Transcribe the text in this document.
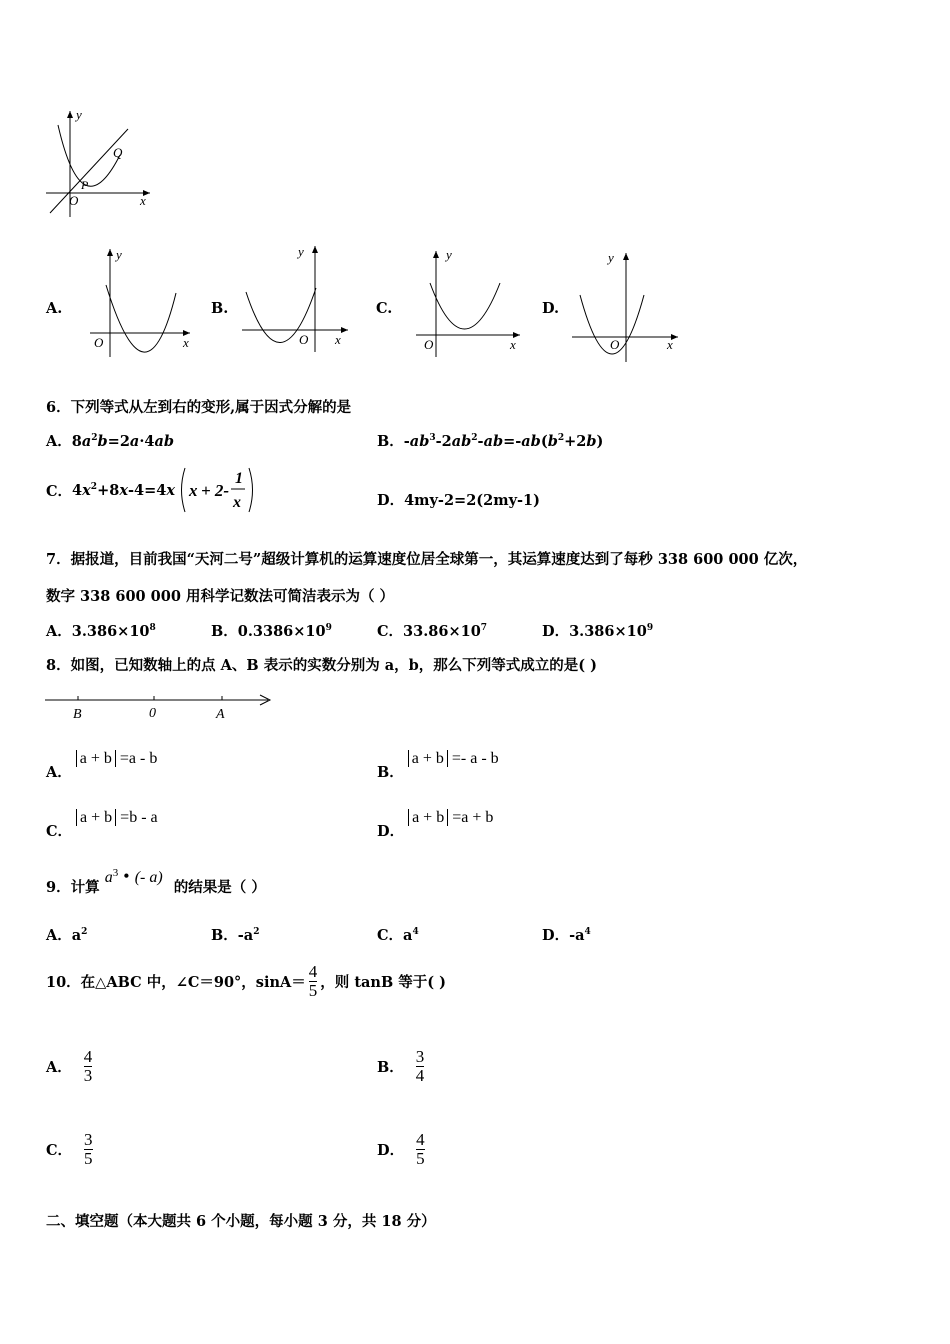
y
x
O
P
Q
A.
y
x
O
B.
y
x
O
C.
y
x
O
D.
y
x
O
6．下列等式从左到右的变形,属于因式分解的是
A．$8a^2b=2a\cdot 4ab$	B．$-ab^3-2ab^2-ab=-ab(b^2+2b)$
C． $4x^2+8x-4=4x$ x + 2-
1
x	D．4my-2=2(2my-1)
7．据报道，目前我国“天河二号”超级计算机的运算速度位居全球第一，其运算速度达到了每秒 338 600 000 亿次，
数字 338 600 000 用科学记数法可简洁表示为（ ）
A．$3.386\times 10^8$	B．$0.3386\times 10^9$	C．$33.86\times 10^7$	D．$3.386\times 10^9$
8．如图，已知数轴上的点 A、B 表示的实数分别为 a，b，那么下列等式成立的是( )
B	0	A
A．a + b =a - b
B．a + b =- a - b
C．a + b =b - a
D．a + b =a + b
9．计算 $a^3$ • (- a) 的结果是（ ）
A．$a^2$	B．$-a^2$	C．$a^4$	D．$-a^4$
10．在△ABC 中，∠C＝90°，$\sin A= \frac{4}{5}$ ，则 tanB 等于( )
A． $\frac{4}{3}$	B． $\frac{3}{4}$
C． $\frac{3}{5}$	D． $\frac{4}{5}$
二、填空题（本大题共 6 个小题，每小题 3 分，共 18 分）
